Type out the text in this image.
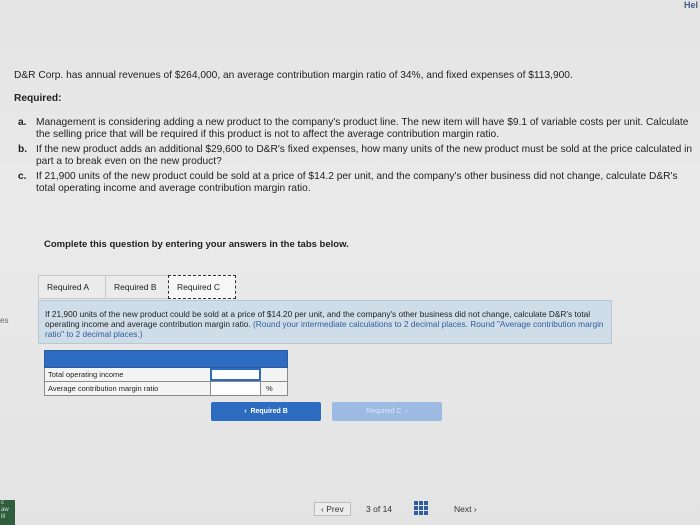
Hel
es
c
aw
ill

D&R Corp. has annual revenues of $264,000, an average contribution margin ratio of 34%, and fixed expenses of $113,900.

Required:

a. Management is considering adding a new product to the company's product line. The new item will have $9.1 of variable costs per unit. Calculate the selling price that will be required if this product is not to affect the average contribution margin ratio.
b. If the new product adds an additional $29,600 to D&R's fixed expenses, how many units of the new product must be sold at the price calculated in part a to break even on the new product?
c. If 21,900 units of the new product could be sold at a price of $14.2 per unit, and the company's other business did not change, calculate D&R's total operating income and average contribution margin ratio.
Complete this question by entering your answers in the tabs below.
Required A	Required B	Required C
If 21,900 units of the new product could be sold at a price of $14.20 per unit, and the company's other business did not change, calculate D&R's total operating income and average contribution margin ratio. (Round your intermediate calculations to 2 decimal places. Round "Average contribution margin ratio" to 2 decimal places.)
Total operating income
Average contribution margin ratio	%
‹ Required B	Required C ›
‹ Prev	3 of 14	Next ›
